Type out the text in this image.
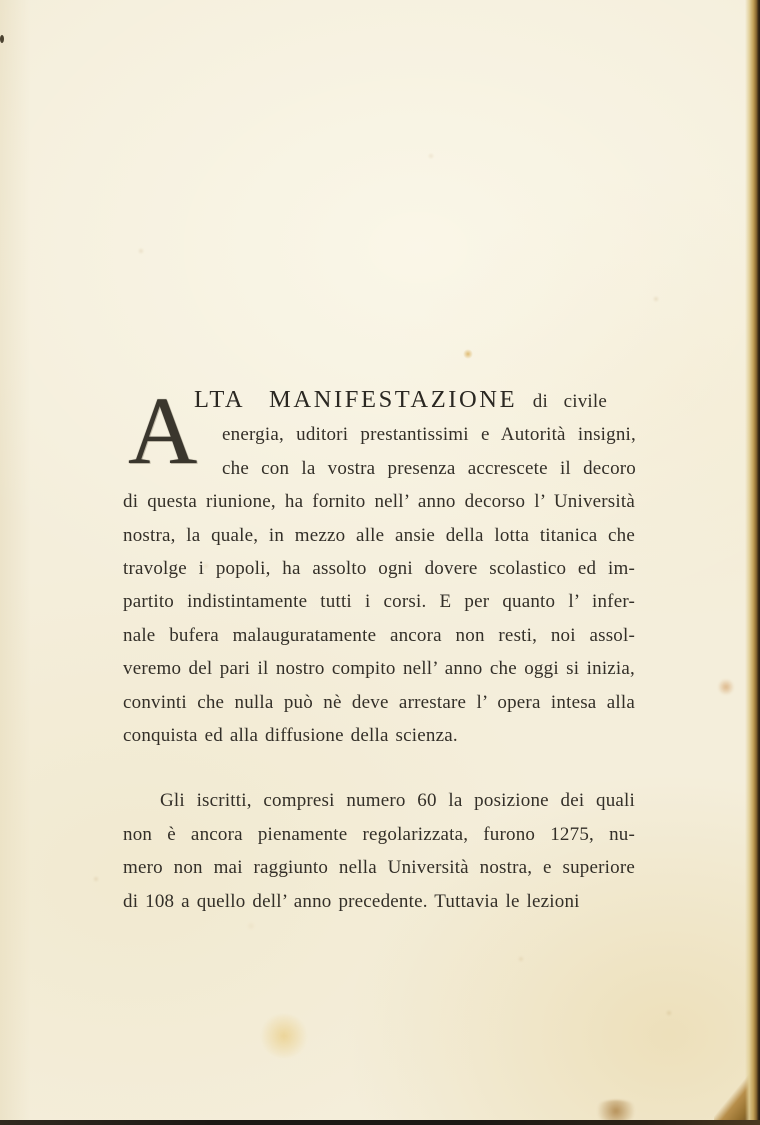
A
LTA MANIFESTAZIONE di civile
energia, uditori prestantissimi e Autorità insigni,
che con la vostra presenza accrescete il decoro
di questa riunione, ha fornito nell’ anno decorso l’ Università
nostra, la quale, in mezzo alle ansie della lotta titanica che
travolge i popoli, ha assolto ogni dovere scolastico ed im-
partito indistintamente tutti i corsi. E per quanto l’ infer-
nale bufera malauguratamente ancora non resti, noi assol-
veremo del pari il nostro compito nell’ anno che oggi si inizia,
convinti che nulla può nè deve arrestare l’ opera intesa alla
conquista ed alla diffusione della scienza.
Gli iscritti, compresi numero 60 la posizione dei quali
non è ancora pienamente regolarizzata, furono 1275, nu-
mero non mai raggiunto nella Università nostra, e superiore
di 108 a quello dell’ anno precedente. Tuttavia le lezioni
